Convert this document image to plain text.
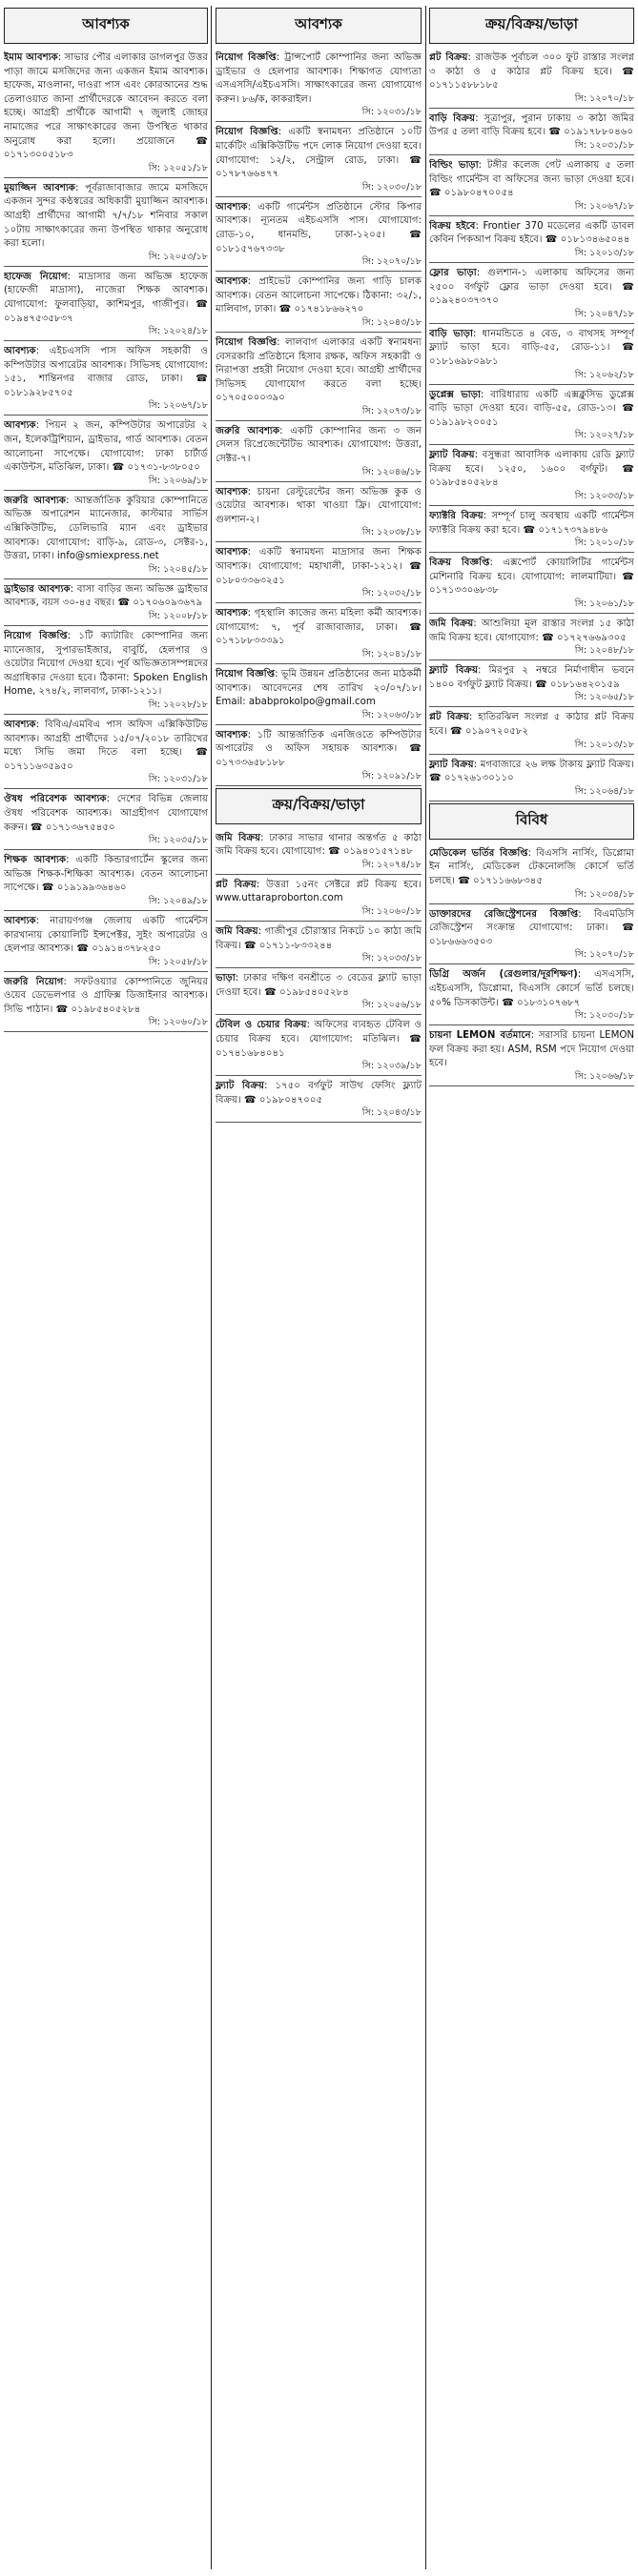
আবশ্যক
ইমাম আবশ্যক: সাভার পৌর এলাকার ডাগলপুর উত্তর পাড়া জামে মসজিদের জন্য একজন ইমাম আবশ্যক। হাফেজ, মাওলানা, দাওরা পাস এবং কোরআনের শুদ্ধ তেলাওয়াত জানা প্রার্থীদেরকে আবেদন করতে বলা হচ্ছে। আগ্রহী প্রার্থীকে আগামী ৭ জুলাই জোহর নামাজের পরে সাক্ষাৎকারের জন্য উপস্থিত থাকার অনুরোধ করা হলো। প্রয়োজনে ☎ ০১৭১৩০০৫১৮৩
সি: ১২০৫১/১৮
মুয়াজ্জিন আবশ্যক: পূর্বরাজাবাজার জামে মসজিদে একজন সুন্দর কণ্ঠস্বরের অধিকারী মুয়াজ্জিন আবশ্যক। আগ্রহী প্রার্থীদের আগামী ৭/৭/১৮ শনিবার সকাল ১০টায় সাক্ষাৎকারের জন্য উপস্থিত থাকার অনুরোধ করা হলো।
সি: ১২০৫৩/১৮
হাফেজ নিয়োগ: মাদ্রাসার জন্য অভিজ্ঞ হাফেজ (হাফেজী মাদ্রাসা), নাজেরা শিক্ষক আবশ্যক। যোগাযোগ: ফুলবাড়িয়া, কাশিমপুর, গাজীপুর। ☎ ০১৯৪৭৫৩৫৮৩৭
সি: ১২০২৪/১৮
আবশ্যক: এইচএসসি পাস অফিস সহকারী ও কম্পিউটার অপারেটর আবশ্যক। সিভিসহ যোগাযোগ: ১৫১, শান্তিনগর বাজার রোড, ঢাকা। ☎ ০১৮১৯২৮৫৭০৫
সি: ১২০৬৭/১৮
আবশ্যক: পিয়ন ২ জন, কম্পিউটার অপারেটর ২ জন, ইলেকট্রিশিয়ান, ড্রাইভার, গার্ড আবশ্যক। বেতন আলোচনা সাপেক্ষে। যোগাযোগ: ঢাকা চার্টার্ড একাউন্টস, মতিঝিল, ঢাকা। ☎ ০১৭৩১-৮৩৮০৫০
সি: ১২০৬৯/১৮
জরুরি আবশ্যক: আন্তর্জাতিক কুরিয়ার কোম্পানিতে অভিজ্ঞ অপারেশন ম্যানেজার, কাস্টমার সার্ভিস এক্সিকিউটিভ, ডেলিভারি ম্যান এবং ড্রাইভার আবশ্যক। যোগাযোগ: বাড়ি-৯, রোড-৩, সেক্টর-১, উত্তরা, ঢাকা। info@smiexpress.net
সি: ১২০৪৫/১৮
ড্রাইভার আবশ্যক: বাসা বাড়ির জন্য অভিজ্ঞ ড্রাইভার আবশ্যক, বয়স ৩০-৪৫ বছর। ☎ ০১৭০৬০৯৩৬৭৯
সি: ১২০০৮/১৮
নিয়োগ বিজ্ঞপ্তি: ১টি ক্যাটারিং কোম্পানির জন্য ম্যানেজার, সুপারভাইজার, বাবুর্চি, হেলপার ও ওয়েটার নিয়োগ দেওয়া হবে। পূর্ব অভিজ্ঞতাসম্পন্নদের অগ্রাধিকার দেওয়া হবে। ঠিকানা: Spoken English Home, ২৭৪/২, লালবাগ, ঢাকা-১২১১।
সি: ১২০২৮/১৮
আবশ্যক: বিবিএ/এমবিএ পাস অফিস এক্সিকিউটিভ আবশ্যক। আগ্রহী প্রার্থীদের ১৫/০৭/২০১৮ তারিখের মধ্যে সিভি জমা দিতে বলা হচ্ছে। ☎ ০১৭১১৬৩৫৯৫০
সি: ১২০৩১/১৮
ঔষধ পরিবেশক আবশ্যক: দেশের বিভিন্ন জেলায় ঔষধ পরিবেশক আবশ্যক। আগ্রহীগণ যোগাযোগ করুন। ☎ ০১৭১৩৬৭৫৪৫০
সি: ১২০৩৫/১৮
শিক্ষক আবশ্যক: একটি কিন্ডারগার্টেন স্কুলের জন্য অভিজ্ঞ শিক্ষক-শিক্ষিকা আবশ্যক। বেতন আলোচনা সাপেক্ষে। ☎ ০১৯১৯৯৩৬৪৬০
সি: ১২০৪৯/১৮
আবশ্যক: নারায়ণগঞ্জ জেলায় একটি গার্মেন্টস কারখানায় কোয়ালিটি ইন্সপেক্টর, সুইং অপারেটর ও হেলপার আবশ্যক। ☎ ০১৯১৪৩৭৮২৫০
সি: ১২০৫৮/১৮
জরুরি নিয়োগ: সফটওয়্যার কোম্পানিতে জুনিয়র ওয়েব ডেভেলপার ও গ্রাফিক্স ডিজাইনার আবশ্যক। সিভি পাঠান। ☎ ০১৯৮৫৪০৫২৮৪
সি: ১২০৬০/১৮
আবশ্যক
নিয়োগ বিজ্ঞপ্তি: ট্রান্সপোর্ট কোম্পানির জন্য অভিজ্ঞ ড্রাইভার ও হেলপার আবশ্যক। শিক্ষাগত যোগ্যতা এসএসসি/এইচএসসি। সাক্ষাৎকারের জন্য যোগাযোগ করুন। ৮৬/ক, কাকরাইল।
সি: ১২০৩১/১৮
নিয়োগ বিজ্ঞপ্তি: একটি স্বনামধন্য প্রতিষ্ঠানে ১০টি মার্কেটিং এক্সিকিউটিভ পদে লোক নিয়োগ দেওয়া হবে। যোগাযোগ: ১২/২, সেন্ট্রাল রোড, ঢাকা। ☎ ০১৭৮৭৬৬৪৭৭
সি: ১২০৩০/১৮
আবশ্যক: একটি গার্মেন্টস প্রতিষ্ঠানে স্টোর কিপার আবশ্যক। ন্যূনতম এইচএসসি পাস। যোগাযোগ: রোড-১০, ধানমন্ডি, ঢাকা-১২০৫। ☎ ০১৮১৫৭৬৭৩৩৮
সি: ১২০৭০/১৮
আবশ্যক: প্রাইভেট কোম্পানির জন্য গাড়ি চালক আবশ্যক। বেতন আলোচনা সাপেক্ষে। ঠিকানা: ৩২/১, মালিবাগ, ঢাকা। ☎ ০১৭৪১৮৬৬২৭০
সি: ১২০৪৩/১৮
নিয়োগ বিজ্ঞপ্তি: লালবাগ এলাকার একটি স্বনামধন্য বেসরকারি প্রতিষ্ঠানে হিসাব রক্ষক, অফিস সহকারী ও নিরাপত্তা প্রহরী নিয়োগ দেওয়া হবে। আগ্রহী প্রার্থীদের সিভিসহ যোগাযোগ করতে বলা হচ্ছে। ০১৭০৫০০০৩৯০
সি: ১২০৭৩/১৮
জরুরি আবশ্যক: একটি কোম্পানির জন্য ৩ জন সেলস রিপ্রেজেন্টেটিভ আবশ্যক। যোগাযোগ: উত্তরা, সেক্টর-৭।
সি: ১২০৪৬/১৮
আবশ্যক: চায়না রেস্টুরেন্টের জন্য অভিজ্ঞ কুক ও ওয়েটার আবশ্যক। থাকা খাওয়া ফ্রি। যোগাযোগ: গুলশান-২।
সি: ১২০৩৮/১৮
আবশ্যক: একটি স্বনামধন্য মাদ্রাসার জন্য শিক্ষক আবশ্যক। যোগাযোগ: মহাখালী, ঢাকা-১২১২। ☎ ০১৮০৩৩৬৩২৫১
সি: ১২০৩২/১৮
আবশ্যক: গৃহস্থালি কাজের জন্য মহিলা কর্মী আবশ্যক। যোগাযোগ: ৭, পূর্ব রাজাবাজার, ঢাকা। ☎ ০১৭১৮৮৩৩৩৯১
সি: ১২০৪১/১৮
নিয়োগ বিজ্ঞপ্তি: ভূমি উন্নয়ন প্রতিষ্ঠানের জন্য মাঠকর্মী আবশ্যক। আবেদনের শেষ তারিখ ২০/০৭/১৮। Email: ababprokolpo@gmail.com
সি: ১২০৬৩/১৮
আবশ্যক: ১টি আন্তর্জাতিক এনজিওতে কম্পিউটার অপারেটর ও অফিস সহায়ক আবশ্যক। ☎ ০১৭৩৩৬৫৮১৮৮
সি: ১২০৯১/১৮
ক্রয়/বিক্রয়/ভাড়া
জমি বিক্রয়: ঢাকার সাভার থানার অন্তর্গত ৫ কাঠা জমি বিক্রয় হবে। যোগাযোগ: ☎ ০১৯৪০১৫৭১৪৮
সি: ১২০৭৪/১৮
প্লট বিক্রয়: উত্তরা ১৫নং সেক্টরে প্লট বিক্রয় হবে। www.uttaraproborton.com
সি: ১২০৬০/১৮
জমি বিক্রয়: গাজীপুর চৌরাস্তার নিকটে ১০ কাঠা জমি বিক্রয়। ☎ ০১৭১১-৮৩৩২৪৪
সি: ১২০৩৩/১৮
ভাড়া: ঢাকার দক্ষিণ বনশ্রীতে ৩ বেডের ফ্ল্যাট ভাড়া দেওয়া হবে। ☎ ০১৯৮৫৪০৫২৮৪
সি: ১২০৫৬/১৮
টেবিল ও চেয়ার বিক্রয়: অফিসের ব্যবহৃত টেবিল ও চেয়ার বিক্রয় হবে। যোগাযোগ: মতিঝিল। ☎ ০১৭৪১৬৮৪০৪১
সি: ১২০৩৯/১৮
ফ্ল্যাট বিক্রয়: ১৭৫০ বর্গফুট সাউথ ফেসিং ফ্ল্যাট বিক্রয়। ☎ ০১৯৮০৪৭০০৫
সি: ১২০৪৩/১৮
ক্রয়/বিক্রয়/ভাড়া
প্লট বিক্রয়: রাজউক পূর্বাচল ৩০০ ফুট রাস্তার সংলগ্ন ৩ কাঠা ও ৫ কাঠার প্লট বিক্রয় হবে। ☎ ০১৭১১৫৮৮১৮৫
সি: ১২০৭০/১৮
বাড়ি বিক্রয়: সূত্রাপুর, পুরান ঢাকায় ৩ কাঠা জমির উপর ৫ তলা বাড়ি বিক্রয় হবে। ☎ ০১৯১৭৮৮০৪৬০
সি: ১২০৩১/১৮
বিল্ডিং ভাড়া: টঙ্গীর কলেজ গেট এলাকায় ৫ তলা বিল্ডিং গার্মেন্টস বা অফিসের জন্য ভাড়া দেওয়া হবে। ☎ ০১৯৮০৪৭০০৫৪
সি: ১২০৬৭/১৮
বিক্রয় হইবে: Frontier 370 মডেলের একটি ডাবল কেবিন পিকআপ বিক্রয় হইবে। ☎ ০১৮১৩৪৬৫০৪৪
সি: ১২০১৩/১৮
ফ্লোর ভাড়া: গুলশান-১ এলাকায় অফিসের জন্য ২৫০০ বর্গফুট ফ্লোর ভাড়া দেওয়া হবে। ☎ ০১৯২৪০৩৭৩৭০
সি: ১২০৪৭/১৮
বাড়ি ভাড়া: ধানমন্ডিতে ৪ বেড, ৩ বাথসহ সম্পূর্ণ ফ্ল্যাট ভাড়া হবে। বাড়ি-৫৫, রোড-১১। ☎ ০১৮১৬৯৮০৯৮১
সি: ১২০৬২/১৮
ডুপ্লেক্স ভাড়া: বারিধারায় একটি এক্সক্লুসিভ ডুপ্লেক্স বাড়ি ভাড়া দেওয়া হবে। বাড়ি-৫৫, রোড-১৩। ☎ ০১৯১৯৮২০০৫১
সি: ১২০২৭/১৮
ফ্ল্যাট বিক্রয়: বসুন্ধরা আবাসিক এলাকায় রেডি ফ্ল্যাট বিক্রয় হবে। ১২৫০, ১৬০০ বর্গফুট। ☎ ০১৯৮৫৪০৫২৮৪
সি: ১২০৩৩/১৮
ফ্যাক্টরি বিক্রয়: সম্পূর্ণ চালু অবস্থায় একটি গার্মেন্টস ফ্যাক্টরি বিক্রয় করা হবে। ☎ ০১৭১৭৩৭৯৪৮৬
সি: ১২০১০/১৮
বিক্রয় বিজ্ঞপ্তি: এক্সপোর্ট কোয়ালিটির গার্মেন্টস মেশিনারি বিক্রয় হবে। যোগাযোগ: লালমাটিয়া। ☎ ০১৭১৩৩০৬৮৩৮
সি: ১২০৬১/১৮
জমি বিক্রয়: আশুলিয়া মূল রাস্তার সংলগ্ন ১৫ কাঠা জমি বিক্রয় হবে। যোগাযোগ: ☎ ০১৭২৭৬৬৯৩০৫
সি: ১২০৪৮/১৮
ফ্ল্যাট বিক্রয়: মিরপুর ২ নম্বরে নির্মাণাধীন ভবনে ১৪০০ বর্গফুট ফ্ল্যাট বিক্রয়। ☎ ০১৮১৬৪২০১৫৯
সি: ১২০৬৫/১৮
প্লট বিক্রয়: হাতিরঝিল সংলগ্ন ৫ কাঠার প্লট বিক্রয় হবে। ☎ ০১৯০৭২০৫৮২
সি: ১২০১৩/১৮
ফ্ল্যাট বিক্রয়: মগবাজারে ২৬ লক্ষ টাকায় ফ্ল্যাট বিক্রয়। ☎ ০১৭২৬১৩০১১০
সি: ১২০৬৪/১৮
বিবিধ
মেডিকেল ভর্তির বিজ্ঞপ্তি: বিএসসি নার্সিং, ডিপ্লোমা ইন নার্সিং, মেডিকেল টেকনোলজি কোর্সে ভর্তি চলছে। ☎ ০১৭১১৬৬৮৩৪৫
সি: ১২০৩৪/১৮
ডাক্তারদের রেজিস্ট্রেশনের বিজ্ঞপ্তি: বিএমডিসি রেজিস্ট্রেশন সংক্রান্ত যোগাযোগ: ঢাকা। ☎ ০১৮৬৬৬৩৫০৩
সি: ১২০৭০/১৮
ডিগ্রি অর্জন (রেগুলার/দূরশিক্ষণ): এসএসসি, এইচএসসি, ডিপ্লোমা, বিএসসি কোর্সে ভর্তি চলছে। ৫০% ডিসকাউন্ট। ☎ ০১৮৩১০৭৬৮৭
সি: ১২০৩০/১৮
চায়না LEMON বর্তমানে: সরাসরি চায়না LEMON ফল বিক্রয় করা হয়। ASM, RSM পদে নিয়োগ দেওয়া হবে।
সি: ১২০৬৬/১৮
